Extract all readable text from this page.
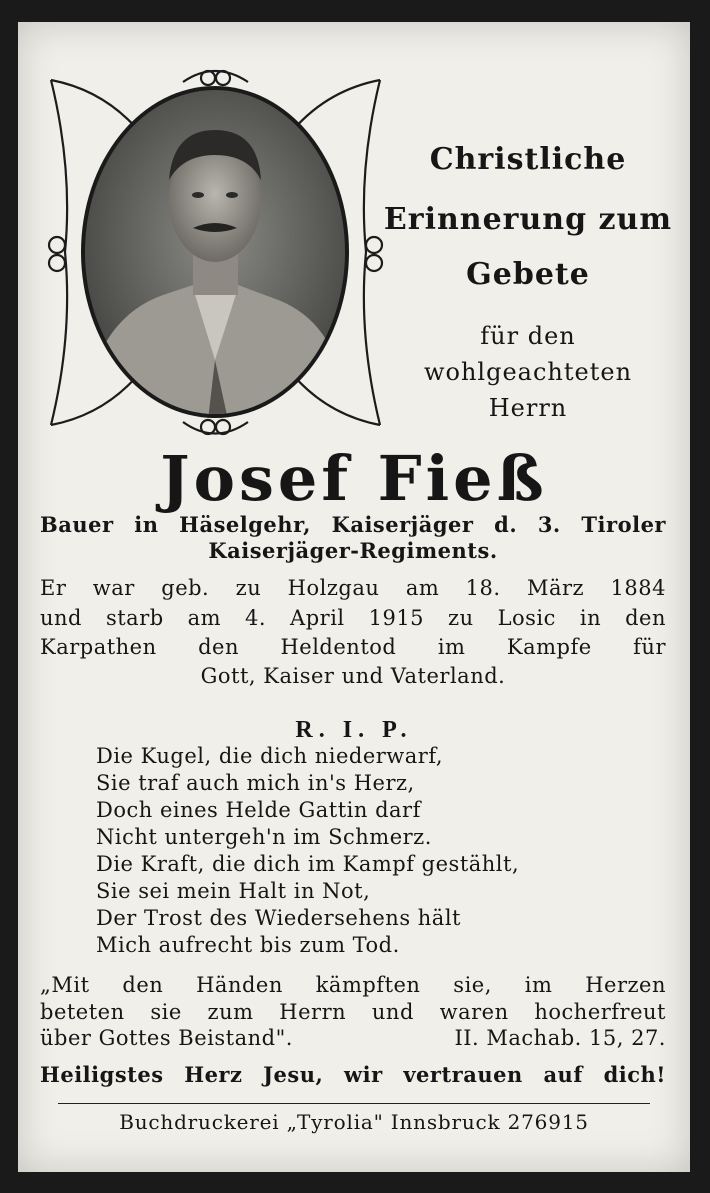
Christliche
Erinnerung zum
Gebete
für den
wohlgeachteten
Herrn
Josef Fieß
Bauer in Häselgehr, Kaiserjäger d. 3. Tiroler
Kaiserjäger-Regiments.
Er war geb. zu Holzgau am 18. März 1884
und starb am 4. April 1915 zu Losic in den
Karpathen den Heldentod im Kampfe für
Gott, Kaiser und Vaterland.
R. I. P.
Die Kugel, die dich niederwarf,
Sie traf auch mich in's Herz,
Doch eines Helde Gattin darf
Nicht untergeh'n im Schmerz.
Die Kraft, die dich im Kampf gestählt,
Sie sei mein Halt in Not,
Der Trost des Wiedersehens hält
Mich aufrecht bis zum Tod.
„Mit den Händen kämpften sie, im Herzen
beteten sie zum Herrn und waren hocherfreut
über Gottes Beistand".	II. Machab. 15, 27.
Heiligstes Herz Jesu, wir vertrauen auf dich!
Buchdruckerei „Tyrolia" Innsbruck 276915
